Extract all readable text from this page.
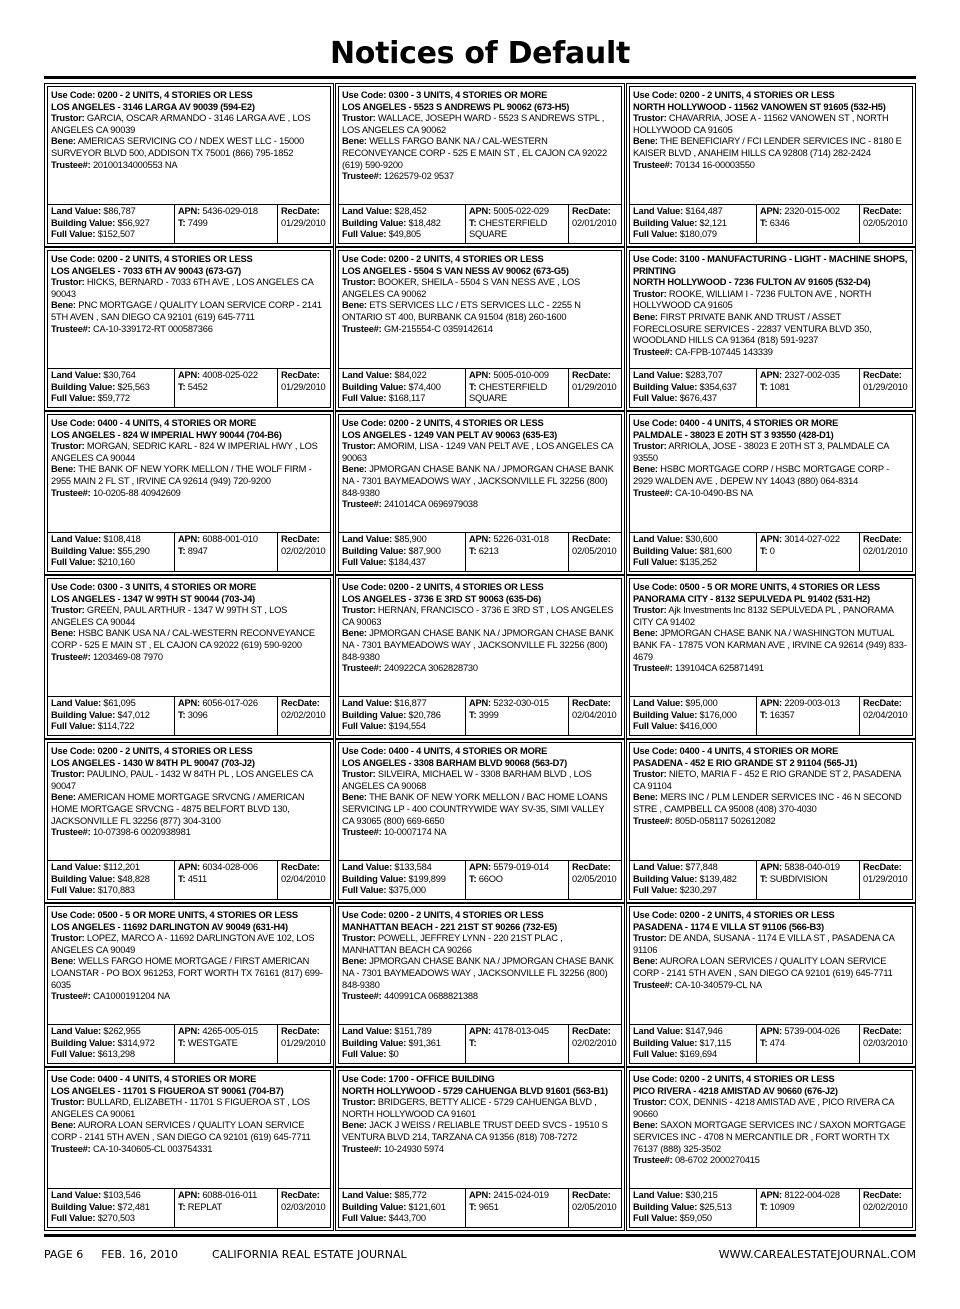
Notices of Default
Use Code: 0200 - 2 UNITS, 4 STORIES OR LESS
LOS ANGELES - 3146 LARGA AV 90039 (594-E2)
Trustor: GARCIA, OSCAR ARMANDO - 3146 LARGA AVE , LOS ANGELES CA 90039
Bene: AMERICAS SERVICING CO / NDEX WEST LLC - 15000 SURVEYOR BLVD 500, ADDISON TX 75001 (866) 795-1852
Trustee#: 20100134000553 NA
Land Value: $86,787
Building Value: $56,927
Full Value: $152,507
APN: 5436-029-018
T: 7499
RecDate:
01/29/2010
Use Code: 0300 - 3 UNITS, 4 STORIES OR MORE
LOS ANGELES - 5523 S ANDREWS PL 90062 (673-H5)
Trustor: WALLACE, JOSEPH WARD - 5523 S ANDREWS STPL , LOS ANGELES CA 90062
Bene: WELLS FARGO BANK NA / CAL-WESTERN RECONVEYANCE CORP - 525 E MAIN ST , EL CAJON CA 92022 (619) 590-9200
Trustee#: 1262579-02 9537
Land Value: $28,452
Building Value: $18,482
Full Value: $49,805
APN: 5005-022-029
T: CHESTERFIELD SQUARE
RecDate:
02/01/2010
Use Code: 0200 - 2 UNITS, 4 STORIES OR LESS
NORTH HOLLYWOOD - 11562 VANOWEN ST 91605 (532-H5)
Trustor: CHAVARRIA, JOSE A - 11562 VANOWEN ST , NORTH HOLLYWOOD CA 91605
Bene: THE BENEFICIARY / FCI LENDER SERVICES INC - 8180 E KAISER BLVD , ANAHEIM HILLS CA 92808 (714) 282-2424
Trustee#: 70134 16-00003550
Land Value: $164,487
Building Value: $2,121
Full Value: $180,079
APN: 2320-015-002
T: 6346
RecDate:
02/05/2010
Use Code: 0200 - 2 UNITS, 4 STORIES OR LESS
LOS ANGELES - 7033 6TH AV 90043 (673-G7)
Trustor: HICKS, BERNARD - 7033 6TH AVE , LOS ANGELES CA 90043
Bene: PNC MORTGAGE / QUALITY LOAN SERVICE CORP - 2141 5TH AVEN , SAN DIEGO CA 92101 (619) 645-7711
Trustee#: CA-10-339172-RT 000587366
Land Value: $30,764
Building Value: $25,563
Full Value: $59,772
APN: 4008-025-022
T: 5452
RecDate:
01/29/2010
Use Code: 0200 - 2 UNITS, 4 STORIES OR LESS
LOS ANGELES - 5504 S VAN NESS AV 90062 (673-G5)
Trustor: BOOKER, SHEILA - 5504 S VAN NESS AVE , LOS ANGELES CA 90062
Bene: ETS SERVICES LLC / ETS SERVICES LLC - 2255 N ONTARIO ST 400, BURBANK CA 91504 (818) 260-1600
Trustee#: GM-215554-C 0359142614
Land Value: $84,022
Building Value: $74,400
Full Value: $168,117
APN: 5005-010-009
T: CHESTERFIELD SQUARE
RecDate:
01/29/2010
Use Code: 3100 - MANUFACTURING - LIGHT - MACHINE SHOPS, PRINTING
NORTH HOLLYWOOD - 7236 FULTON AV 91605 (532-D4)
Trustor: ROOKE, WILLIAM I - 7236 FULTON AVE , NORTH HOLLYWOOD CA 91605
Bene: FIRST PRIVATE BANK AND TRUST / ASSET FORECLOSURE SERVICES - 22837 VENTURA BLVD 350, WOODLAND HILLS CA 91364 (818) 591-9237
Trustee#: CA-FPB-107445 143339
Land Value: $283,707
Building Value: $354,637
Full Value: $676,437
APN: 2327-002-035
T: 1081
RecDate:
01/29/2010
Use Code: 0400 - 4 UNITS, 4 STORIES OR MORE
LOS ANGELES - 824 W IMPERIAL HWY 90044 (704-B6)
Trustor: MORGAN, SEDRIC KARL - 824 W IMPERIAL HWY , LOS ANGELES CA 90044
Bene: THE BANK OF NEW YORK MELLON / THE WOLF FIRM - 2955 MAIN 2 FL ST , IRVINE CA 92614 (949) 720-9200
Trustee#: 10-0205-88 40942609
Land Value: $108,418
Building Value: $55,290
Full Value: $210,160
APN: 6088-001-010
T: 8947
RecDate:
02/02/2010
Use Code: 0200 - 2 UNITS, 4 STORIES OR LESS
LOS ANGELES - 1249 VAN PELT AV 90063 (635-E3)
Trustor: AMORIM, LISA - 1249 VAN PELT AVE , LOS ANGELES CA 90063
Bene: JPMORGAN CHASE BANK NA / JPMORGAN CHASE BANK NA - 7301 BAYMEADOWS WAY , JACKSONVILLE FL 32256 (800) 848-9380
Trustee#: 241014CA 0696979038
Land Value: $85,900
Building Value: $87,900
Full Value: $184,437
APN: 5226-031-018
T: 6213
RecDate:
02/05/2010
Use Code: 0400 - 4 UNITS, 4 STORIES OR MORE
PALMDALE - 38023 E 20TH ST 3 93550 (428-D1)
Trustor: ARRIOLA, JOSE - 38023 E 20TH ST 3, PALMDALE CA 93550
Bene: HSBC MORTGAGE CORP / HSBC MORTGAGE CORP - 2929 WALDEN AVE , DEPEW NY 14043 (880) 064-8314
Trustee#: CA-10-0490-BS NA
Land Value: $30,600
Building Value: $81,600
Full Value: $135,252
APN: 3014-027-022
T: 0
RecDate:
02/01/2010
Use Code: 0300 - 3 UNITS, 4 STORIES OR MORE
LOS ANGELES - 1347 W 99TH ST 90044 (703-J4)
Trustor: GREEN, PAUL ARTHUR - 1347 W 99TH ST , LOS ANGELES CA 90044
Bene: HSBC BANK USA NA / CAL-WESTERN RECONVEYANCE CORP - 525 E MAIN ST , EL CAJON CA 92022 (619) 590-9200
Trustee#: 1203469-08 7970
Land Value: $61,095
Building Value: $47,012
Full Value: $114,722
APN: 6056-017-026
T: 3096
RecDate:
02/02/2010
Use Code: 0200 - 2 UNITS, 4 STORIES OR LESS
LOS ANGELES - 3736 E 3RD ST 90063 (635-D6)
Trustor: HERNAN, FRANCISCO - 3736 E 3RD ST , LOS ANGELES CA 90063
Bene: JPMORGAN CHASE BANK NA / JPMORGAN CHASE BANK NA - 7301 BAYMEADOWS WAY , JACKSONVILLE FL 32256 (800) 848-9380
Trustee#: 240922CA 3062828730
Land Value: $16,877
Building Value: $20,786
Full Value: $194,554
APN: 5232-030-015
T: 3999
RecDate:
02/04/2010
Use Code: 0500 - 5 OR MORE UNITS, 4 STORIES OR LESS
PANORAMA CITY - 8132 SEPULVEDA PL 91402 (531-H2)
Trustor: Ajk Investments Inc 8132 SEPULVEDA PL , PANORAMA CITY CA 91402
Bene: JPMORGAN CHASE BANK NA / WASHINGTON MUTUAL BANK FA - 17875 VON KARMAN AVE , IRVINE CA 92614 (949) 833-4679
Trustee#: 139104CA 625871491
Land Value: $95,000
Building Value: $176,000
Full Value: $416,000
APN: 2209-003-013
T: 16357
RecDate:
02/04/2010
Use Code: 0200 - 2 UNITS, 4 STORIES OR LESS
LOS ANGELES - 1430 W 84TH PL 90047 (703-J2)
Trustor: PAULINO, PAUL - 1432 W 84TH PL , LOS ANGELES CA 90047
Bene: AMERICAN HOME MORTGAGE SRVCNG / AMERICAN HOME MORTGAGE SRVCNG - 4875 BELFORT BLVD 130, JACKSONVILLE FL 32256 (877) 304-3100
Trustee#: 10-07398-6 0020938981
Land Value: $112,201
Building Value: $48,828
Full Value: $170,883
APN: 6034-028-006
T: 4511
RecDate:
02/04/2010
Use Code: 0400 - 4 UNITS, 4 STORIES OR MORE
LOS ANGELES - 3308 BARHAM BLVD 90068 (563-D7)
Trustor: SILVEIRA, MICHAEL W - 3308 BARHAM BLVD , LOS ANGELES CA 90068
Bene: THE BANK OF NEW YORK MELLON / BAC HOME LOANS SERVICING LP - 400 COUNTRYWIDE WAY SV-35, SIMI VALLEY CA 93065 (800) 669-6650
Trustee#: 10-0007174 NA
Land Value: $133,584
Building Value: $199,899
Full Value: $375,000
APN: 5579-019-014
T: 66OO
RecDate:
02/05/2010
Use Code: 0400 - 4 UNITS, 4 STORIES OR MORE
PASADENA - 452 E RIO GRANDE ST 2 91104 (565-J1)
Trustor: NIETO, MARIA F - 452 E RIO GRANDE ST 2, PASADENA CA 91104
Bene: MERS INC / PLM LENDER SERVICES INC - 46 N SECOND STRE , CAMPBELL CA 95008 (408) 370-4030
Trustee#: 805D-058117 502612082
Land Value: $77,848
Building Value: $139,482
Full Value: $230,297
APN: 5838-040-019
T: SUBDIVISION
RecDate:
01/29/2010
Use Code: 0500 - 5 OR MORE UNITS, 4 STORIES OR LESS
LOS ANGELES - 11692 DARLINGTON AV 90049 (631-H4)
Trustor: LOPEZ, MARCO A - 11692 DARLINGTON AVE 102, LOS ANGELES CA 90049
Bene: WELLS FARGO HOME MORTGAGE / FIRST AMERICAN LOANSTAR - PO BOX 961253, FORT WORTH TX 76161 (817) 699-6035
Trustee#: CA1000191204 NA
Land Value: $262,955
Building Value: $314,972
Full Value: $613,298
APN: 4265-005-015
T: WESTGATE
RecDate:
01/29/2010
Use Code: 0200 - 2 UNITS, 4 STORIES OR LESS
MANHATTAN BEACH - 221 21ST ST 90266 (732-E5)
Trustor: POWELL, JEFFREY LYNN - 220 21ST PLAC , MANHATTAN BEACH CA 90266
Bene: JPMORGAN CHASE BANK NA / JPMORGAN CHASE BANK NA - 7301 BAYMEADOWS WAY , JACKSONVILLE FL 32256 (800) 848-9380
Trustee#: 440991CA 0688821388
Land Value: $151,789
Building Value: $91,361
Full Value: $0
APN: 4178-013-045
T:
RecDate:
02/02/2010
Use Code: 0200 - 2 UNITS, 4 STORIES OR LESS
PASADENA - 1174 E VILLA ST 91106 (566-B3)
Trustor: DE ANDA, SUSANA - 1174 E VILLA ST , PASADENA CA 91106
Bene: AURORA LOAN SERVICES / QUALITY LOAN SERVICE CORP - 2141 5TH AVEN , SAN DIEGO CA 92101 (619) 645-7711
Trustee#: CA-10-340579-CL NA
Land Value: $147,946
Building Value: $17,115
Full Value: $169,694
APN: 5739-004-026
T: 474
RecDate:
02/03/2010
Use Code: 0400 - 4 UNITS, 4 STORIES OR MORE
LOS ANGELES - 11701 S FIGUEROA ST 90061 (704-B7)
Trustor: BULLARD, ELIZABETH - 11701 S FIGUEROA ST , LOS ANGELES CA 90061
Bene: AURORA LOAN SERVICES / QUALITY LOAN SERVICE CORP - 2141 5TH AVEN , SAN DIEGO CA 92101 (619) 645-7711
Trustee#: CA-10-340605-CL 003754331
Land Value: $103,546
Building Value: $72,481
Full Value: $270,503
APN: 6088-016-011
T: REPLAT
RecDate:
02/03/2010
Use Code: 1700 - OFFICE BUILDING
NORTH HOLLYWOOD - 5729 CAHUENGA BLVD 91601 (563-B1)
Trustor: BRIDGERS, BETTY ALICE - 5729 CAHUENGA BLVD , NORTH HOLLYWOOD CA 91601
Bene: JACK J WEISS / RELIABLE TRUST DEED SVCS - 19510 S VENTURA BLVD 214, TARZANA CA 91356 (818) 708-7272
Trustee#: 10-24930 5974
Land Value: $85,772
Building Value: $121,601
Full Value: $443,700
APN: 2415-024-019
T: 9651
RecDate:
02/05/2010
Use Code: 0200 - 2 UNITS, 4 STORIES OR LESS
PICO RIVERA - 4218 AMISTAD AV 90660 (676-J2)
Trustor: COX, DENNIS - 4218 AMISTAD AVE , PICO RIVERA CA 90660
Bene: SAXON MORTGAGE SERVICES INC / SAXON MORTGAGE SERVICES INC - 4708 N MERCANTILE DR , FORT WORTH TX 76137 (888) 325-3502
Trustee#: 08-6702 2000270415
Land Value: $30,215
Building Value: $25,513
Full Value: $59,050
APN: 8122-004-028
T: 10909
RecDate:
02/02/2010
PAGE 6 FEB. 16, 2010	CALIFORNIA REAL ESTATE JOURNAL	WWW.CAREALESTATEJOURNAL.COM
